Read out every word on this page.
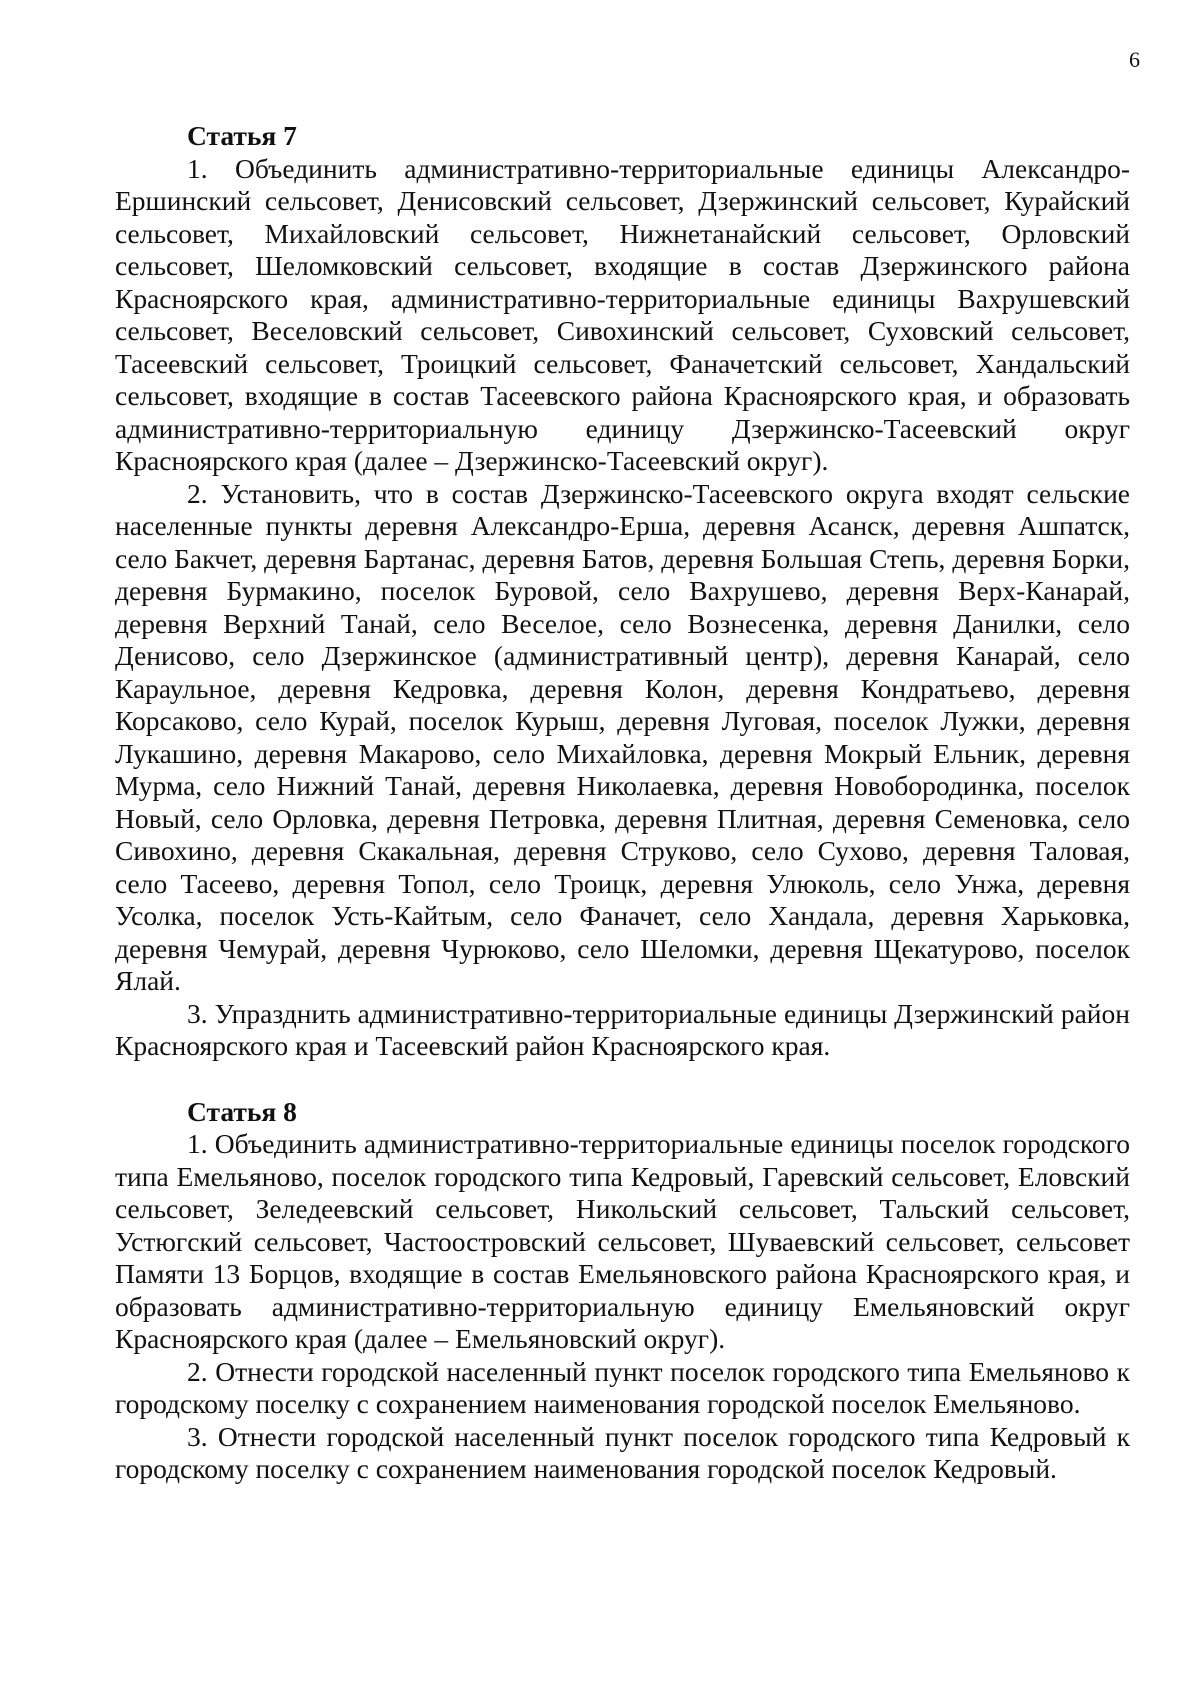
6

Статья 7

1. Объединить административно-территориальные единицы Александро-Ершинский сельсовет, Денисовский сельсовет, Дзержинский сельсовет, Курайский сельсовет, Михайловский сельсовет, Нижнетанайский сельсовет, Орловский сельсовет, Шеломковский сельсовет, входящие в состав Дзержинского района Красноярского края, административно-территориальные единицы Вахрушевский сельсовет, Веселовский сельсовет, Сивохинский сельсовет, Суховский сельсовет, Тасеевский сельсовет, Троицкий сельсовет, Фаначетский сельсовет, Хандальский сельсовет, входящие в состав Тасеевского района Красноярского края, и образовать административно-территориальную единицу Дзержинско-Тасеевский округ Красноярского края (далее – Дзержинско-Тасеевский округ).

2. Установить, что в состав Дзержинско-Тасеевского округа входят сельские населенные пункты деревня Александро-Ерша, деревня Асанск, деревня Ашпатск, село Бакчет, деревня Бартанас, деревня Батов, деревня Большая Степь, деревня Борки, деревня Бурмакино, поселок Буровой, село Вахрушево, деревня Верх-Канарай, деревня Верхний Танай, село Веселое, село Вознесенка, деревня Данилки, село Денисово, село Дзержинское (административный центр), деревня Канарай, село Караульное, деревня Кедровка, деревня Колон, деревня Кондратьево, деревня Корсаково, село Курай, поселок Курыш, деревня Луговая, поселок Лужки, деревня Лукашино, деревня Макарово, село Михайловка, деревня Мокрый Ельник, деревня Мурма, село Нижний Танай, деревня Николаевка, деревня Новобородинка, поселок Новый, село Орловка, деревня Петровка, деревня Плитная, деревня Семеновка, село Сивохино, деревня Скакальная, деревня Струково, село Сухово, деревня Таловая, село Тасеево, деревня Топол, село Троицк, деревня Улюколь, село Унжа, деревня Усолка, поселок Усть-Кайтым, село Фаначет, село Хандала, деревня Харьковка, деревня Чемурай, деревня Чурюково, село Шеломки, деревня Щекатурово, поселок Ялай.

3. Упразднить административно-территориальные единицы Дзержинский район Красноярского края и Тасеевский район Красноярского края.

Статья 8

1. Объединить административно-территориальные единицы поселок городского типа Емельяново, поселок городского типа Кедровый, Гаревский сельсовет, Еловский сельсовет, Зеледеевский сельсовет, Никольский сельсовет, Тальский сельсовет, Устюгский сельсовет, Частоостровский сельсовет, Шуваевский сельсовет, сельсовет Памяти 13 Борцов, входящие в состав Емельяновского района Красноярского края, и образовать административно-территориальную единицу Емельяновский округ Красноярского края (далее – Емельяновский округ).

2. Отнести городской населенный пункт поселок городского типа Емельяново к городскому поселку с сохранением наименования городской поселок Емельяново.

3. Отнести городской населенный пункт поселок городского типа Кедровый к городскому поселку с сохранением наименования городской поселок Кедровый.
